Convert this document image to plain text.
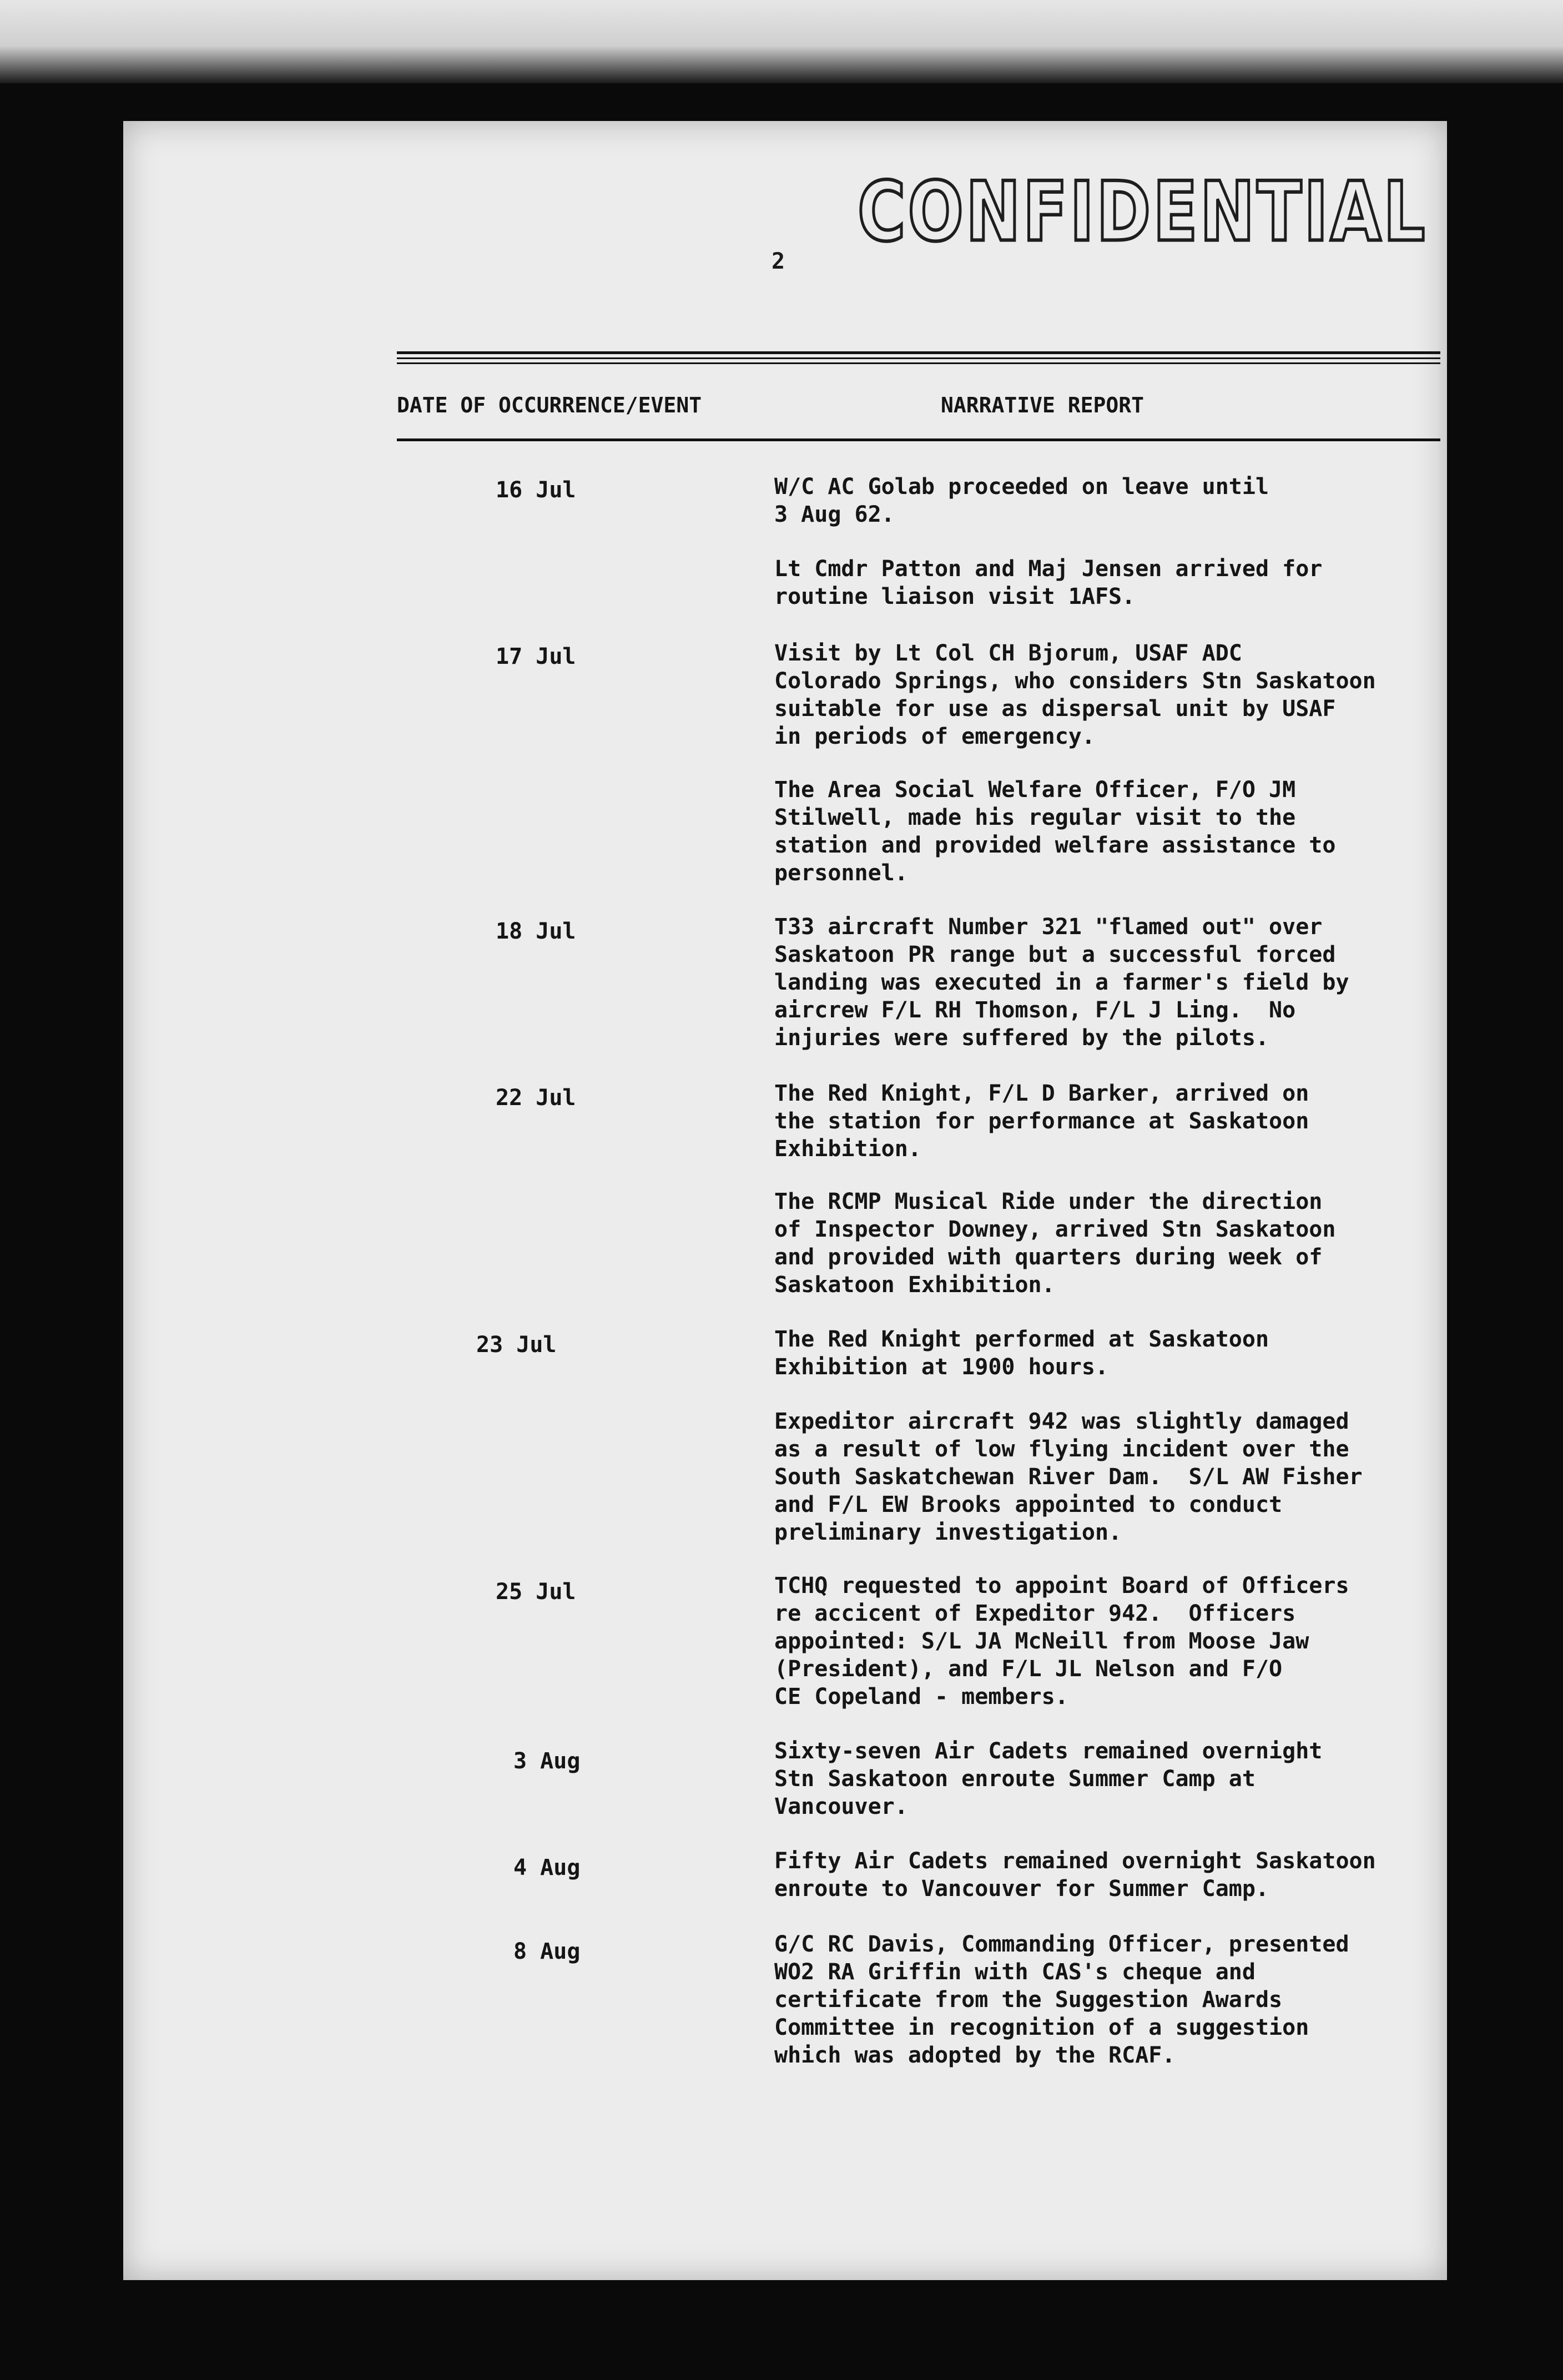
CONFIDENTIAL
2
DATE OF OCCURRENCE/EVENT	NARRATIVE REPORT
16 Jul	W/C AC Golab proceeded on leave until
3 Aug 62.
Lt Cmdr Patton and Maj Jensen arrived for
routine liaison visit 1AFS.
17 Jul	Visit by Lt Col CH Bjorum, USAF ADC
Colorado Springs, who considers Stn Saskatoon
suitable for use as dispersal unit by USAF
in periods of emergency.
The Area Social Welfare Officer, F/O JM
Stilwell, made his regular visit to the
station and provided welfare assistance to
personnel.
18 Jul	T33 aircraft Number 321 "flamed out" over
Saskatoon PR range but a successful forced
landing was executed in a farmer's field by
aircrew F/L RH Thomson, F/L J Ling.  No
injuries were suffered by the pilots.
22 Jul	The Red Knight, F/L D Barker, arrived on
the station for performance at Saskatoon
Exhibition.
The RCMP Musical Ride under the direction
of Inspector Downey, arrived Stn Saskatoon
and provided with quarters during week of
Saskatoon Exhibition.
23 Jul	The Red Knight performed at Saskatoon
Exhibition at 1900 hours.
Expeditor aircraft 942 was slightly damaged
as a result of low flying incident over the
South Saskatchewan River Dam.  S/L AW Fisher
and F/L EW Brooks appointed to conduct
preliminary investigation.
25 Jul	TCHQ requested to appoint Board of Officers
re accicent of Expeditor 942.  Officers
appointed: S/L JA McNeill from Moose Jaw
(President), and F/L JL Nelson and F/O
CE Copeland - members.
3 Aug	Sixty-seven Air Cadets remained overnight
Stn Saskatoon enroute Summer Camp at
Vancouver.
4 Aug	Fifty Air Cadets remained overnight Saskatoon
enroute to Vancouver for Summer Camp.
8 Aug	G/C RC Davis, Commanding Officer, presented
WO2 RA Griffin with CAS's cheque and
certificate from the Suggestion Awards
Committee in recognition of a suggestion
which was adopted by the RCAF.
